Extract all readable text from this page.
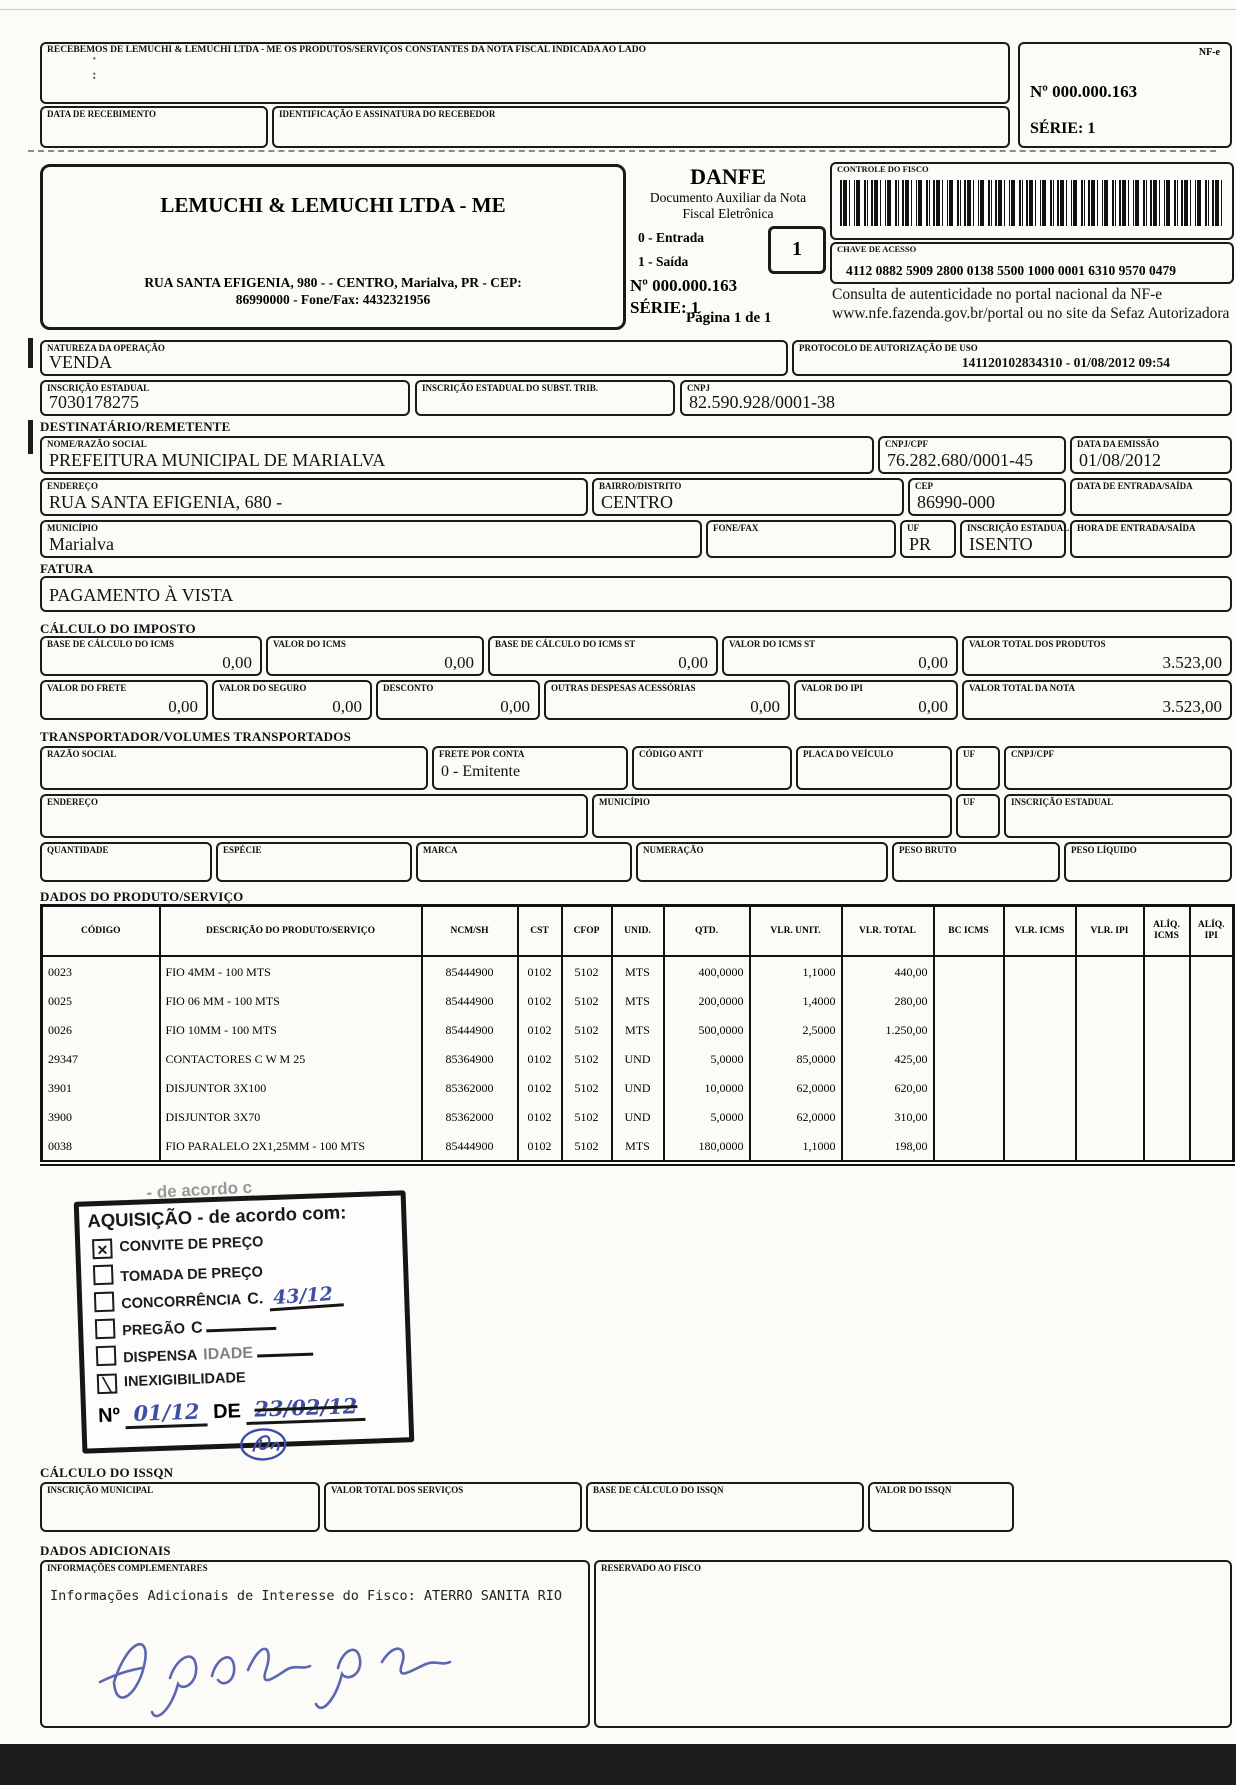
·
:
RECEBEMOS DE LEMUCHI & LEMUCHI LTDA - ME OS PRODUTOS/SERVIÇOS CONSTANTES DA NOTA FISCAL INDICADA AO LADO
DATA DE RECEBIMENTO	IDENTIFICAÇÃO E ASSINATURA DO RECEBEDOR
NF-e
Nº 000.000.163
SÉRIE: 1
LEMUCHI & LEMUCHI LTDA - ME
RUA SANTA EFIGENIA, 980 - - CENTRO, Marialva, PR - CEP:
86990000 - Fone/Fax: 4432321956
DANFE
Documento Auxiliar da Nota
Fiscal Eletrônica
0 - Entrada
1 - Saída
1
Nº 000.000.163
SÉRIE: 1
Página 1 de 1
CONTROLE DO FISCO
CHAVE DE ACESSO
4112 0882 5909 2800 0138 5500 1000 0001 6310 9570 0479
Consulta de autenticidade no portal nacional da NF-e www.nfe.fazenda.gov.br/portal ou no site da Sefaz Autorizadora
NATUREZA DA OPERAÇÃO
VENDA
PROTOCOLO DE AUTORIZAÇÃO DE USO
141120102834310 - 01/08/2012 09:54
INSCRIÇÃO ESTADUAL
7030178275
INSCRIÇÃO ESTADUAL DO SUBST. TRIB.	CNPJ
82.590.928/0001-38
DESTINATÁRIO/REMETENTE
NOME/RAZÃO SOCIAL
PREFEITURA MUNICIPAL DE MARIALVA
CNPJ/CPF
76.282.680/0001-45
DATA DA EMISSÃO
01/08/2012
ENDEREÇO
RUA SANTA EFIGENIA, 680 -
BAIRRO/DISTRITO
CENTRO
CEP
86990-000
DATA DE ENTRADA/SAÍDA
MUNICÍPIO
Marialva
FONE/FAX	UF
PR
INSCRIÇÃO ESTADUAL
ISENTO
HORA DE ENTRADA/SAÍDA
FATURA
PAGAMENTO À VISTA
CÁLCULO DO IMPOSTO
BASE DE CÁLCULO DO ICMS
0,00
VALOR DO ICMS
0,00
BASE DE CÁLCULO DO ICMS ST
0,00
VALOR DO ICMS ST
0,00
VALOR TOTAL DOS PRODUTOS
3.523,00
VALOR DO FRETE
0,00
VALOR DO SEGURO
0,00
DESCONTO
0,00
OUTRAS DESPESAS ACESSÓRIAS
0,00
VALOR DO IPI
0,00
VALOR TOTAL DA NOTA
3.523,00
TRANSPORTADOR/VOLUMES TRANSPORTADOS
RAZÃO SOCIAL	FRETE POR CONTA
0 - Emitente
CÓDIGO ANTT	PLACA DO VEÍCULO	UF	CNPJ/CPF
ENDEREÇO	MUNICÍPIO	UF	INSCRIÇÃO ESTADUAL
QUANTIDADE	ESPÉCIE	MARCA	NUMERAÇÃO	PESO BRUTO	PESO LÍQUIDO
DADOS DO PRODUTO/SERVIÇO
CÓDIGO	DESCRIÇÃO DO PRODUTO/SERVIÇO	NCM/SH	CST	CFOP	UNID.	QTD.	VLR. UNIT.	VLR. TOTAL	BC ICMS	VLR. ICMS	VLR. IPI	ALÍQ. ICMS	ALÍQ. IPI
0023	FIO 4MM - 100 MTS	85444900	0102	5102	MTS	400,0000	1,1000	440,00					
0025	FIO 06 MM - 100 MTS	85444900	0102	5102	MTS	200,0000	1,4000	280,00					
0026	FIO 10MM - 100 MTS	85444900	0102	5102	MTS	500,0000	2,5000	1.250,00					
29347	CONTACTORES C W M 25	85364900	0102	5102	UND	5,0000	85,0000	425,00					
3901	DISJUNTOR 3X100	85362000	0102	5102	UND	10,0000	62,0000	620,00					
3900	DISJUNTOR 3X70	85362000	0102	5102	UND	5,0000	62,0000	310,00					
0038	FIO PARALELO 2X1,25MM - 100 MTS	85444900	0102	5102	MTS	180,0000	1,1000	198,00					
- de acordo c
AQUISIÇÃO - de acordo com:
✕ CONVITE DE PREÇO
TOMADA DE PREÇO
CONCORRÊNCIA C. 43/12
PREGÃO C
DISPENSA IDADE
╲ INEXIGIBILIDADE
Nº 01/12 DE 23/02/12
CÁLCULO DO ISSQN
INSCRIÇÃO MUNICIPAL	VALOR TOTAL DOS SERVIÇOS	BASE DE CÁLCULO DO ISSQN	VALOR DO ISSQN
DADOS ADICIONAIS
INFORMAÇÕES COMPLEMENTARES
Informações Adicionais de Interesse do Fisco: ATERRO SANITA RIO
RESERVADO AO FISCO
